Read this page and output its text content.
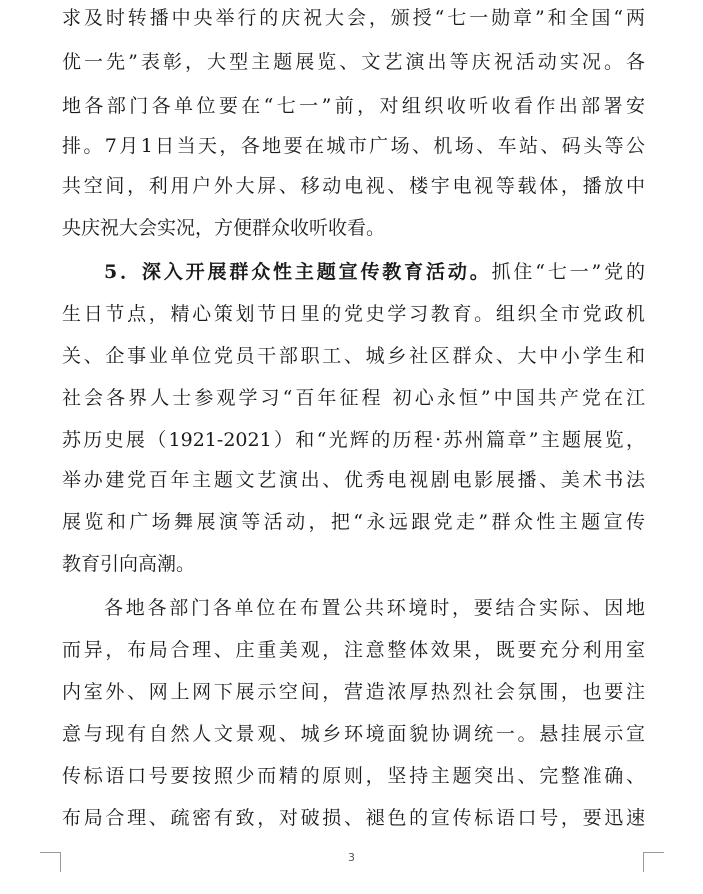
求及时转播中央举行的庆祝大会，颁授“七一勋章”和全国“两
优一先”表彰，大型主题展览、文艺演出等庆祝活动实况。各
地各部门各单位要在“七一”前，对组织收听收看作出部署安
排。7月1日当天，各地要在城市广场、机场、车站、码头等公
共空间，利用户外大屏、移动电视、楼宇电视等载体，播放中
央庆祝大会实况，方便群众收听收看。
5．深入开展群众性主题宣传教育活动。抓住“七一”党的
生日节点，精心策划节日里的党史学习教育。组织全市党政机
关、企事业单位党员干部职工、城乡社区群众、大中小学生和
社会各界人士参观学习“百年征程 初心永恒”中国共产党在江
苏历史展（1921-2021）和“光辉的历程·苏州篇章”主题展览，
举办建党百年主题文艺演出、优秀电视剧电影展播、美术书法
展览和广场舞展演等活动，把“永远跟党走”群众性主题宣传
教育引向高潮。
各地各部门各单位在布置公共环境时，要结合实际、因地
而异，布局合理、庄重美观，注意整体效果，既要充分利用室
内室外、网上网下展示空间，营造浓厚热烈社会氛围，也要注
意与现有自然人文景观、城乡环境面貌协调统一。悬挂展示宣
传标语口号要按照少而精的原则，坚持主题突出、完整准确、
布局合理、疏密有致，对破损、褪色的宣传标语口号，要迅速
3
